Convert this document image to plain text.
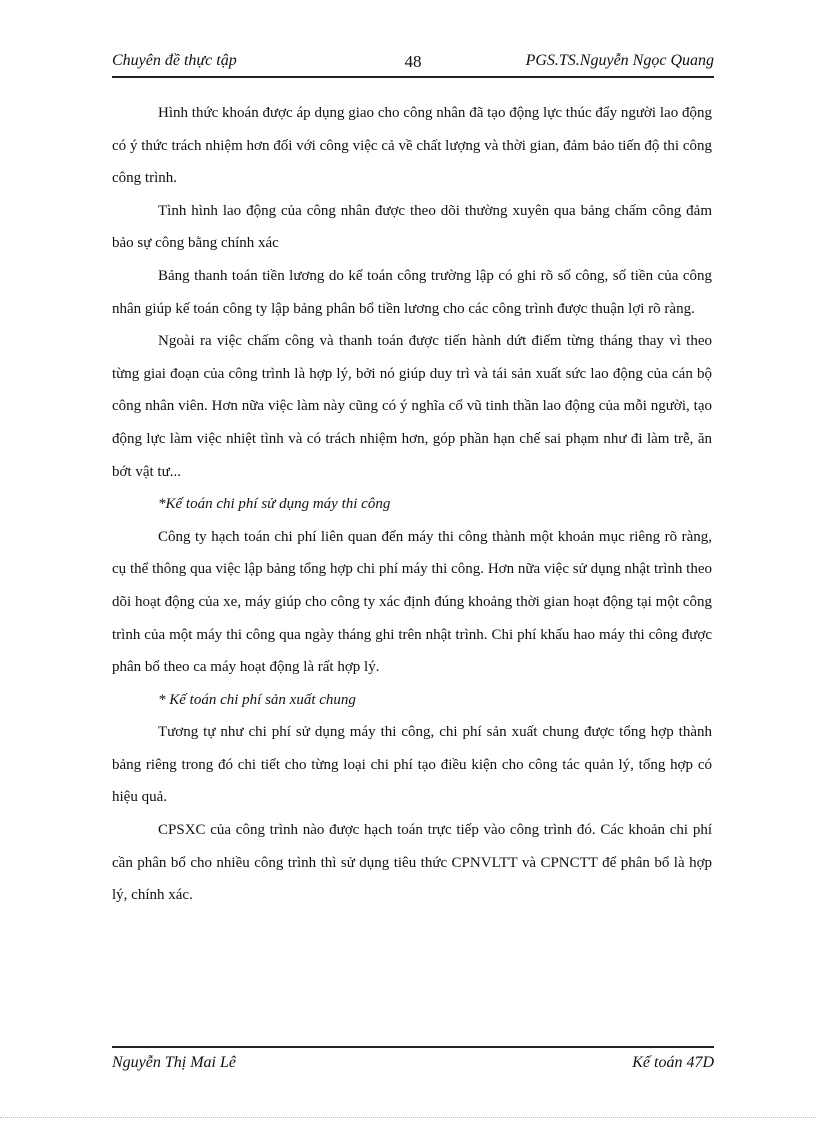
Chuyên đề thực tập	48	PGS.TS.Nguyễn Ngọc Quang

Hình thức khoán được áp dụng giao cho công nhân đã tạo động lực thúc đẩy người lao động có ý thức trách nhiệm hơn đối với công việc cả về chất lượng và thời gian, đảm bảo tiến độ thi công công trình.

Tình hình lao động của công nhân được theo dõi thường xuyên qua bảng chấm công đảm bảo sự công bằng chính xác

Bảng thanh toán tiền lương do kế toán công trường lập có ghi rõ số công, số tiền của công nhân giúp kế toán công ty lập bảng phân bổ tiền lương cho các công trình được thuận lợi rõ ràng.

Ngoài ra việc chấm công và thanh toán được tiến hành dứt điểm từng tháng thay vì theo từng giai đoạn của công trình là hợp lý, bởi nó giúp duy trì và tái sản xuất sức lao động của cán bộ công nhân viên. Hơn nữa việc làm này cũng có ý nghĩa cổ vũ tinh thần lao động của mỗi người, tạo động lực làm việc nhiệt tình và có trách nhiệm hơn, góp phần hạn chế sai phạm như đi làm trễ, ăn bớt vật tư...

*Kế toán chi phí sử dụng máy thi công

Công ty hạch toán chi phí liên quan đến máy thi công thành một khoản mục riêng rõ ràng, cụ thể thông qua việc lập bảng tổng hợp chi phí máy thi công. Hơn nữa việc sử dụng nhật trình theo dõi hoạt động của xe, máy giúp cho công ty xác định đúng khoảng thời gian hoạt động tại một công trình của một máy thi công qua ngày tháng ghi trên nhật trình. Chi phí khấu hao máy thi công được phân bổ theo ca máy hoạt động là rất hợp lý.

* Kế toán chi phí sản xuất chung

Tương tự như chi phí sử dụng máy thi công, chi phí sản xuất chung được tổng hợp thành bảng riêng trong đó chi tiết cho từng loại chi phí tạo điều kiện cho công tác quản lý, tổng hợp có hiệu quả.

CPSXC của công trình nào được hạch toán trực tiếp vào công trình đó. Các khoản chi phí cần phân bổ cho nhiều công trình thì sử dụng tiêu thức CPNVLTT và CPNCTT để phân bổ là hợp lý, chính xác.

Nguyễn Thị Mai Lê	Kế toán 47D
